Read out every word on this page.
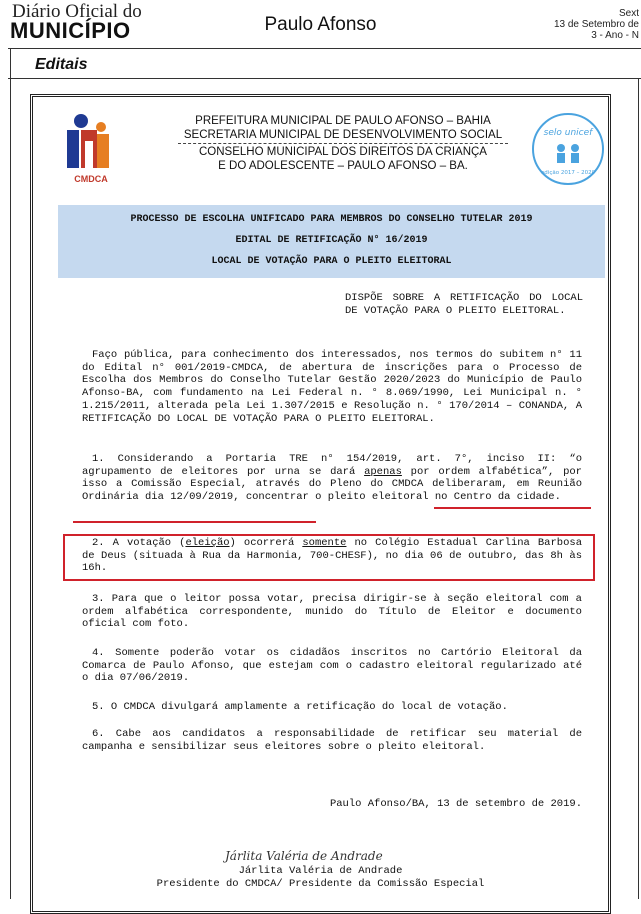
Diário Oficial do
MUNICÍPIO	Paulo Afonso
Sext
13 de Setembro de
3 - Ano - N
Editais
CMDCA
PREFEITURA MUNICIPAL DE PAULO AFONSO – BAHIA
SECRETARIA MUNICIPAL DE DESENVOLVIMENTO SOCIAL
CONSELHO MUNICIPAL DOS DIREITOS DA CRIANÇA
E DO ADOLESCENTE – PAULO AFONSO – BA.
selo unicef
edição 2017 – 2020
PROCESSO DE ESCOLHA UNIFICADO PARA MEMBROS DO CONSELHO TUTELAR 2019
EDITAL DE RETIFICAÇÃO N° 16/2019
LOCAL DE VOTAÇÃO PARA O PLEITO ELEITORAL
DISPÕE SOBRE A RETIFICAÇÃO DO LOCAL DE VOTAÇÃO PARA O PLEITO ELEITORAL.
Faço pública, para conhecimento dos interessados, nos termos do subitem n° 11 do Edital n° 001/2019-CMDCA, de abertura de inscrições para o Processo de Escolha dos Membros do Conselho Tutelar Gestão 2020/2023 do Município de Paulo Afonso-BA, com fundamento na Lei Federal n. ° 8.069/1990, Lei Municipal n. ° 1.215/2011, alterada pela Lei 1.307/2015 e Resolução n. ° 170/2014 – CONANDA, A RETIFICAÇÃO DO LOCAL DE VOTAÇÃO PARA O PLEITO ELEITORAL.
1. Considerando a Portaria TRE n° 154/2019, art. 7°, inciso II: “o agrupamento de eleitores por urna se dará apenas por ordem alfabética”, por isso a Comissão Especial, através do Pleno do CMDCA deliberaram, em Reunião Ordinária dia 12/09/2019, concentrar o pleito eleitoral no Centro da cidade.
2. A votação (eleição) ocorrerá somente no Colégio Estadual Carlina Barbosa de Deus (situada à Rua da Harmonia, 700-CHESF), no dia 06 de outubro, das 8h às 16h.
3. Para que o leitor possa votar, precisa dirigir-se à seção eleitoral com a ordem alfabética correspondente, munido do Título de Eleitor e documento oficial com foto.
4. Somente poderão votar os cidadãos inscritos no Cartório Eleitoral da Comarca de Paulo Afonso, que estejam com o cadastro eleitoral regularizado até o dia 07/06/2019.
5. O CMDCA divulgará amplamente a retificação do local de votação.
6. Cabe aos candidatos a responsabilidade de retificar seu material de campanha e sensibilizar seus eleitores sobre o pleito eleitoral.
Paulo Afonso/BA, 13 de setembro de 2019.
Járlita Valéria de Andrade
Járlita Valéria de Andrade
Presidente do CMDCA/ Presidente da Comissão Especial
